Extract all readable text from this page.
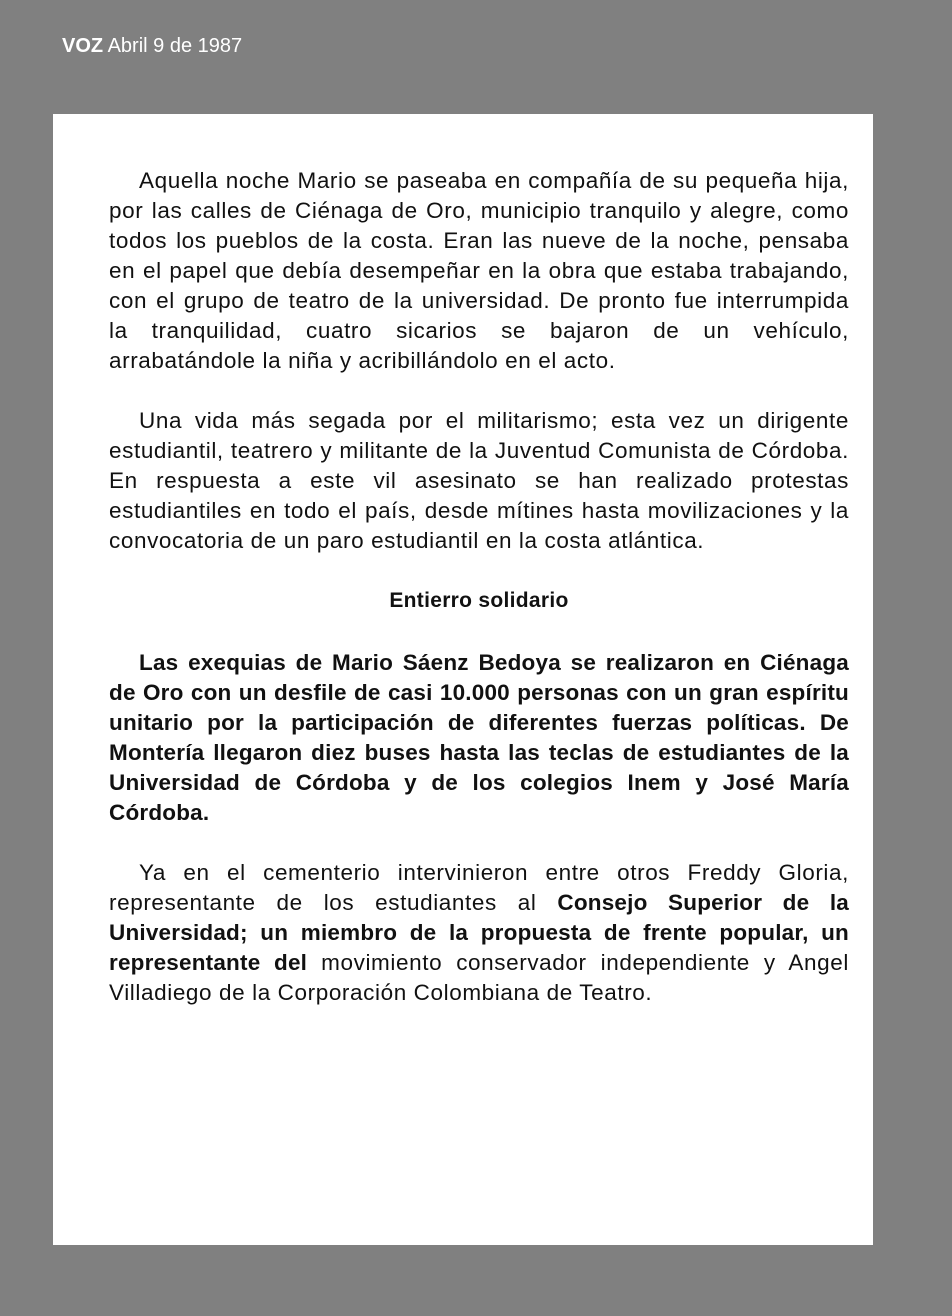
VOZ Abril 9 de 1987

Aquella noche Mario se paseaba en compañía de su pequeña hija, por las calles de Ciénaga de Oro, municipio tranquilo y alegre, como todos los pueblos de la costa. Eran las nueve de la noche, pensaba en el papel que debía desempeñar en la obra que estaba trabajando, con el grupo de teatro de la universidad. De pronto fue interrumpida la tranquilidad, cuatro sicarios se bajaron de un vehículo, arrabatándole la niña y acribillándolo en el acto.

Una vida más segada por el militarismo; esta vez un dirigente estudiantil, teatrero y militante de la Juventud Comunista de Córdoba. En respuesta a este vil asesinato se han realizado protestas estudiantiles en todo el país, desde mítines hasta movilizaciones y la convocatoria de un paro estudiantil en la costa atlántica.

Entierro solidario

Las exequias de Mario Sáenz Bedoya se realizaron en Ciénaga de Oro con un desfile de casi 10.000 personas con un gran espíritu unitario por la participación de diferentes fuerzas políticas. De Montería llegaron diez buses hasta las teclas de estudiantes de la Universidad de Córdoba y de los colegios Inem y José María Córdoba.

Ya en el cementerio intervinieron entre otros Freddy Gloria, representante de los estudiantes al Consejo Superior de la Universidad; un miembro de la propuesta de frente popular, un representante del movimiento conservador independiente y Angel Villadiego de la Corporación Colombiana de Teatro.
